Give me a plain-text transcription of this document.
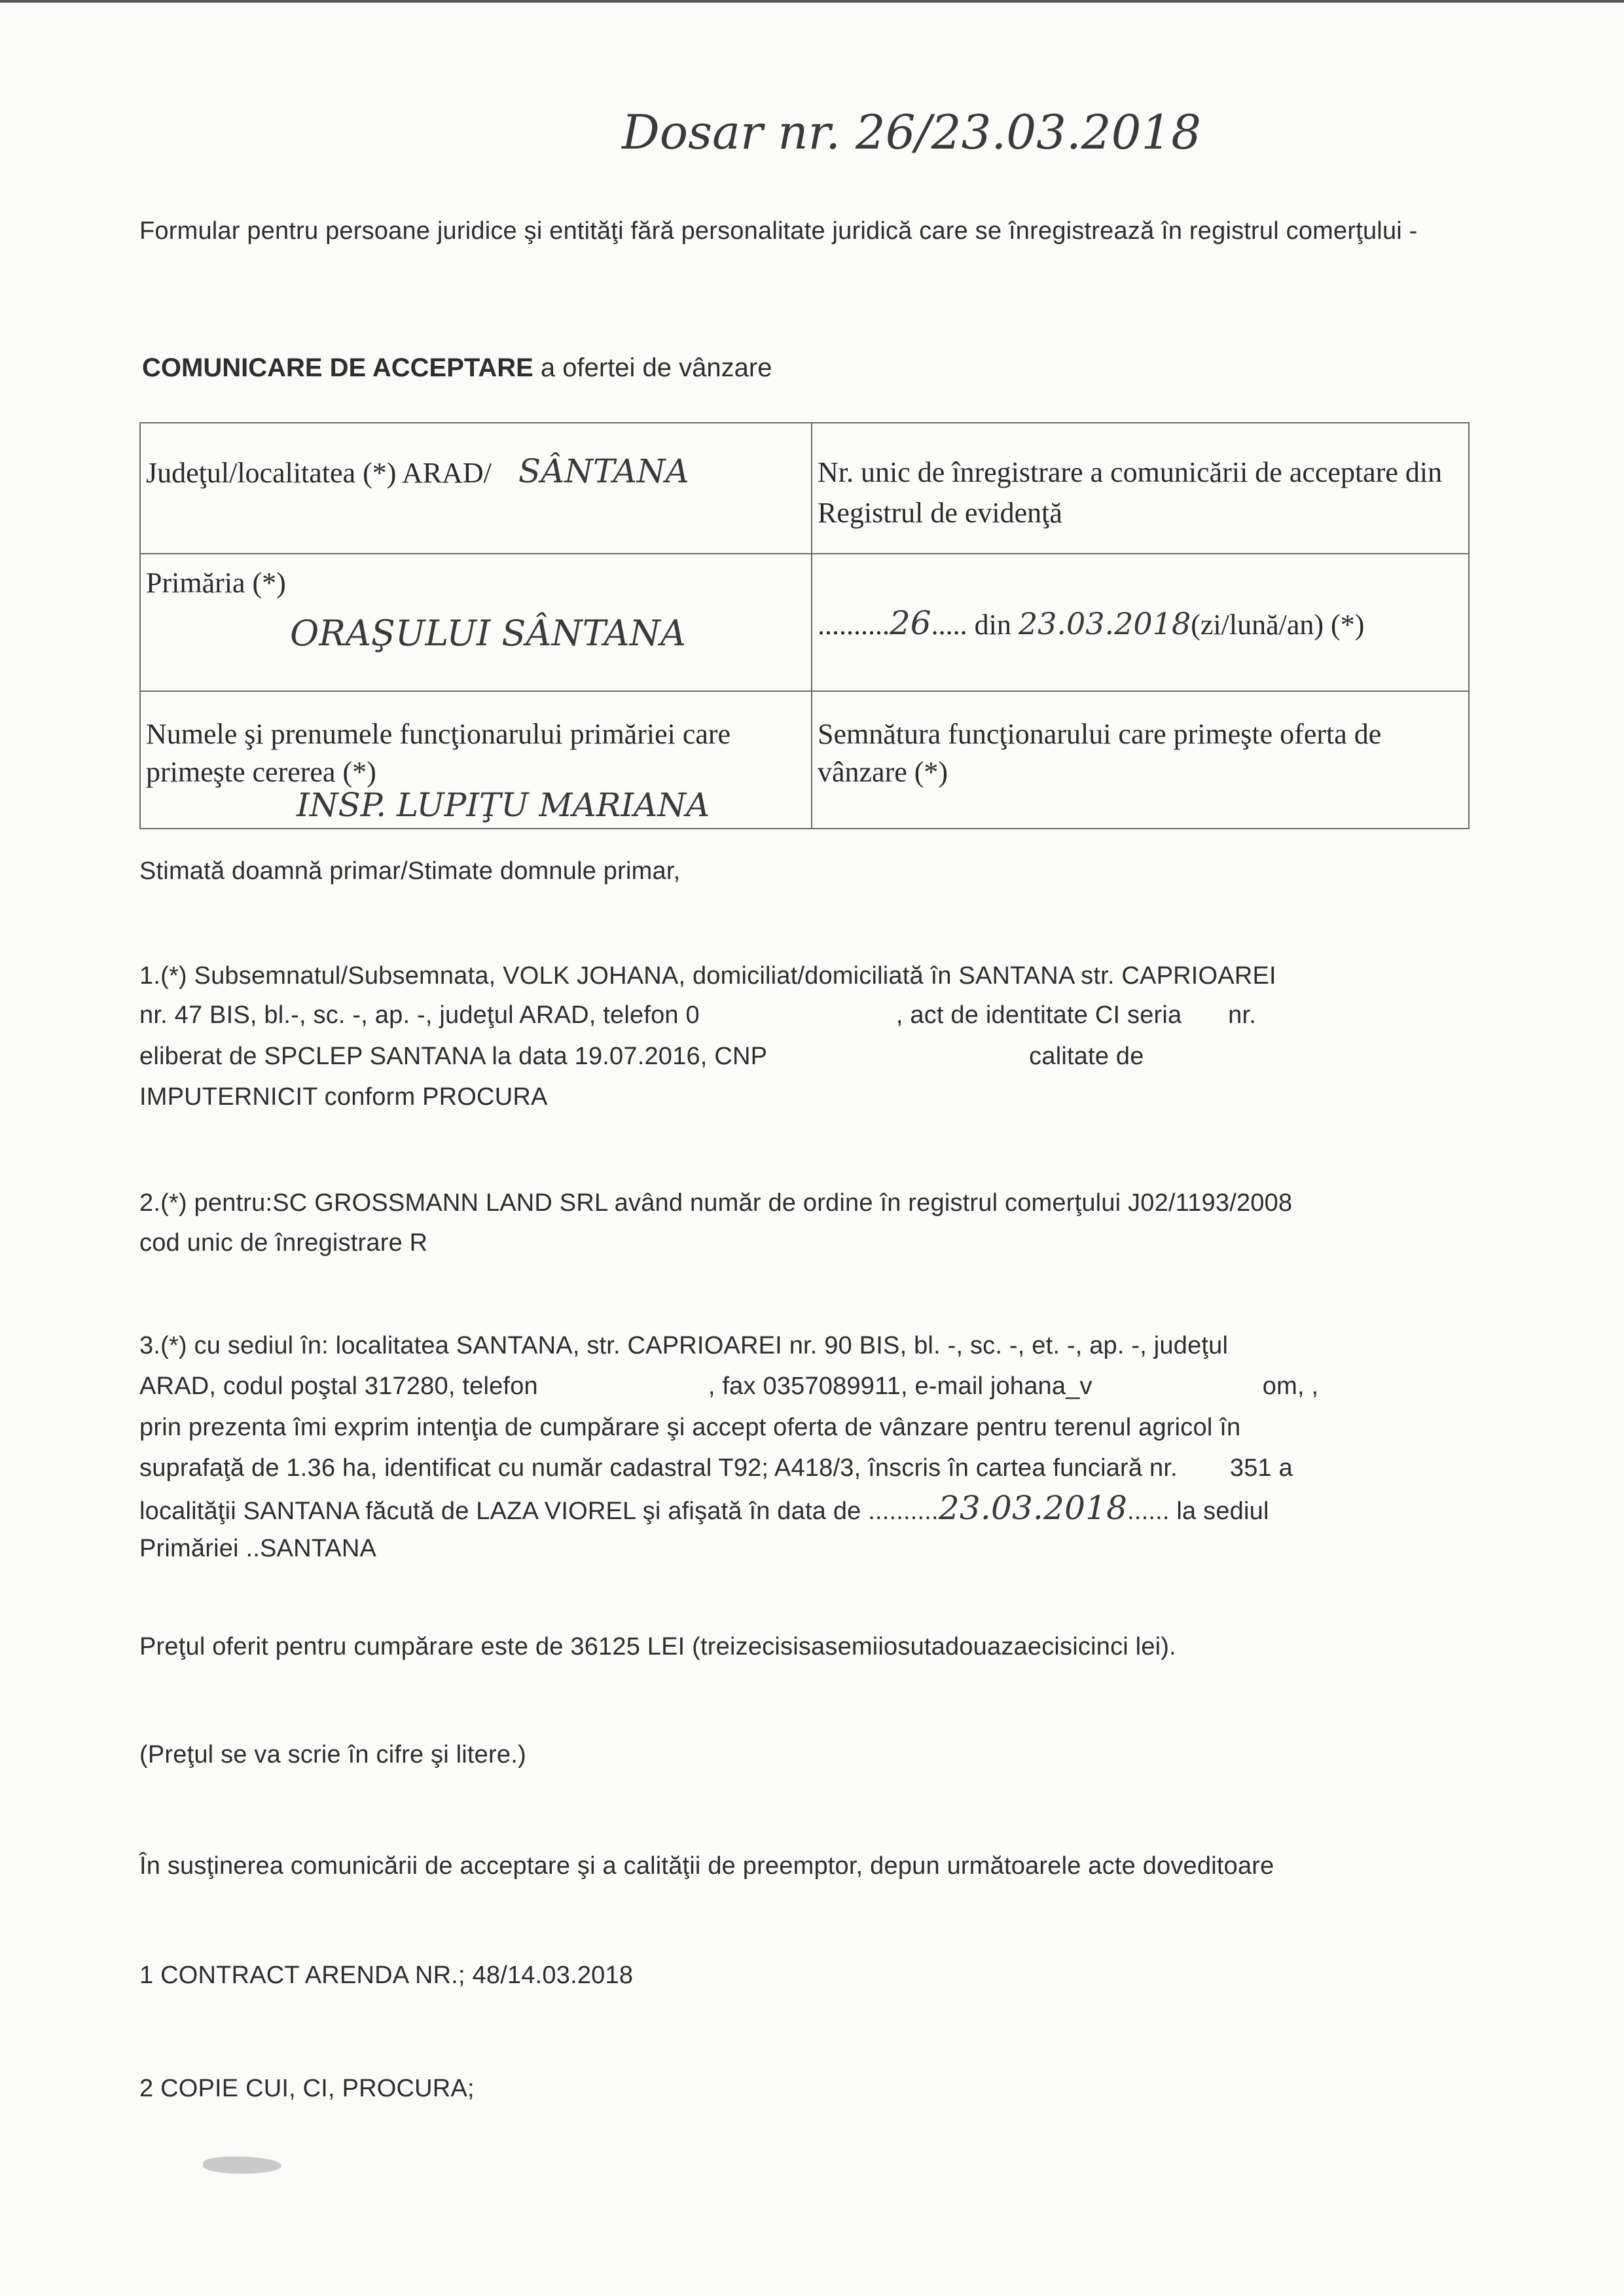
Dosar nr. 26/23.03.2018
Formular pentru persoane juridice şi entităţi fără personalitate juridică care se înregistrează în registrul comerţului -
COMUNICARE DE ACCEPTARE a ofertei de vânzare
Judeţul/localitatea (*) ARAD/ SÂNTANA	Nr. unic de înregistrare a comunicării de acceptare din Registrul de evidenţă

Primăria (*)
ORAŞULUI SÂNTANA	..........26..... din 23.03.2018(zi/lună/an) (*)

Numele şi prenumele funcţionarului primăriei care primeşte cererea (*)
INSP. LUPIŢU MARIANA	Semnătura funcţionarului care primeşte oferta de vânzare (*)
Stimată doamnă primar/Stimate domnule primar,
1.(*) Subsemnatul/Subsemnata, VOLK JOHANA, domiciliat/domiciliată în SANTANA str. CAPRIOAREI
nr. 47 BIS, bl.-, sc. -, ap. -, judeţul ARAD, telefon 0	, act de identitate CI seria  nr.
eliberat de SPCLEP SANTANA la data 19.07.2016, CNP	calitate de
IMPUTERNICIT conform PROCURA
2.(*) pentru:SC GROSSMANN LAND SRL având număr de ordine în registrul comerţului J02/1193/2008
cod unic de înregistrare R
3.(*) cu sediul în: localitatea SANTANA, str. CAPRIOAREI nr. 90 BIS, bl. -, sc. -, et. -, ap. -, judeţul
ARAD, codul poştal 317280, telefon	, fax 0357089911, e-mail johana_v	om, ,
prin prezenta îmi exprim intenţia de cumpărare şi accept oferta de vânzare pentru terenul agricol în
suprafaţă de 1.36 ha, identificat cu număr cadastral T92; A418/3, înscris în cartea funciară nr. 351 a
localităţii SANTANA făcută de LAZA VIOREL şi afişată în data de ..........23.03.2018...... la sediul
Primăriei ..SANTANA
Preţul oferit pentru cumpărare este de 36125 LEI (treizecisisasemiiosutadouazaecisicinci lei).
(Preţul se va scrie în cifre şi litere.)
În susţinerea comunicării de acceptare şi a calităţii de preemptor, depun următoarele acte doveditoare
1 CONTRACT ARENDA NR.; 48/14.03.2018
2 COPIE CUI, CI, PROCURA;
